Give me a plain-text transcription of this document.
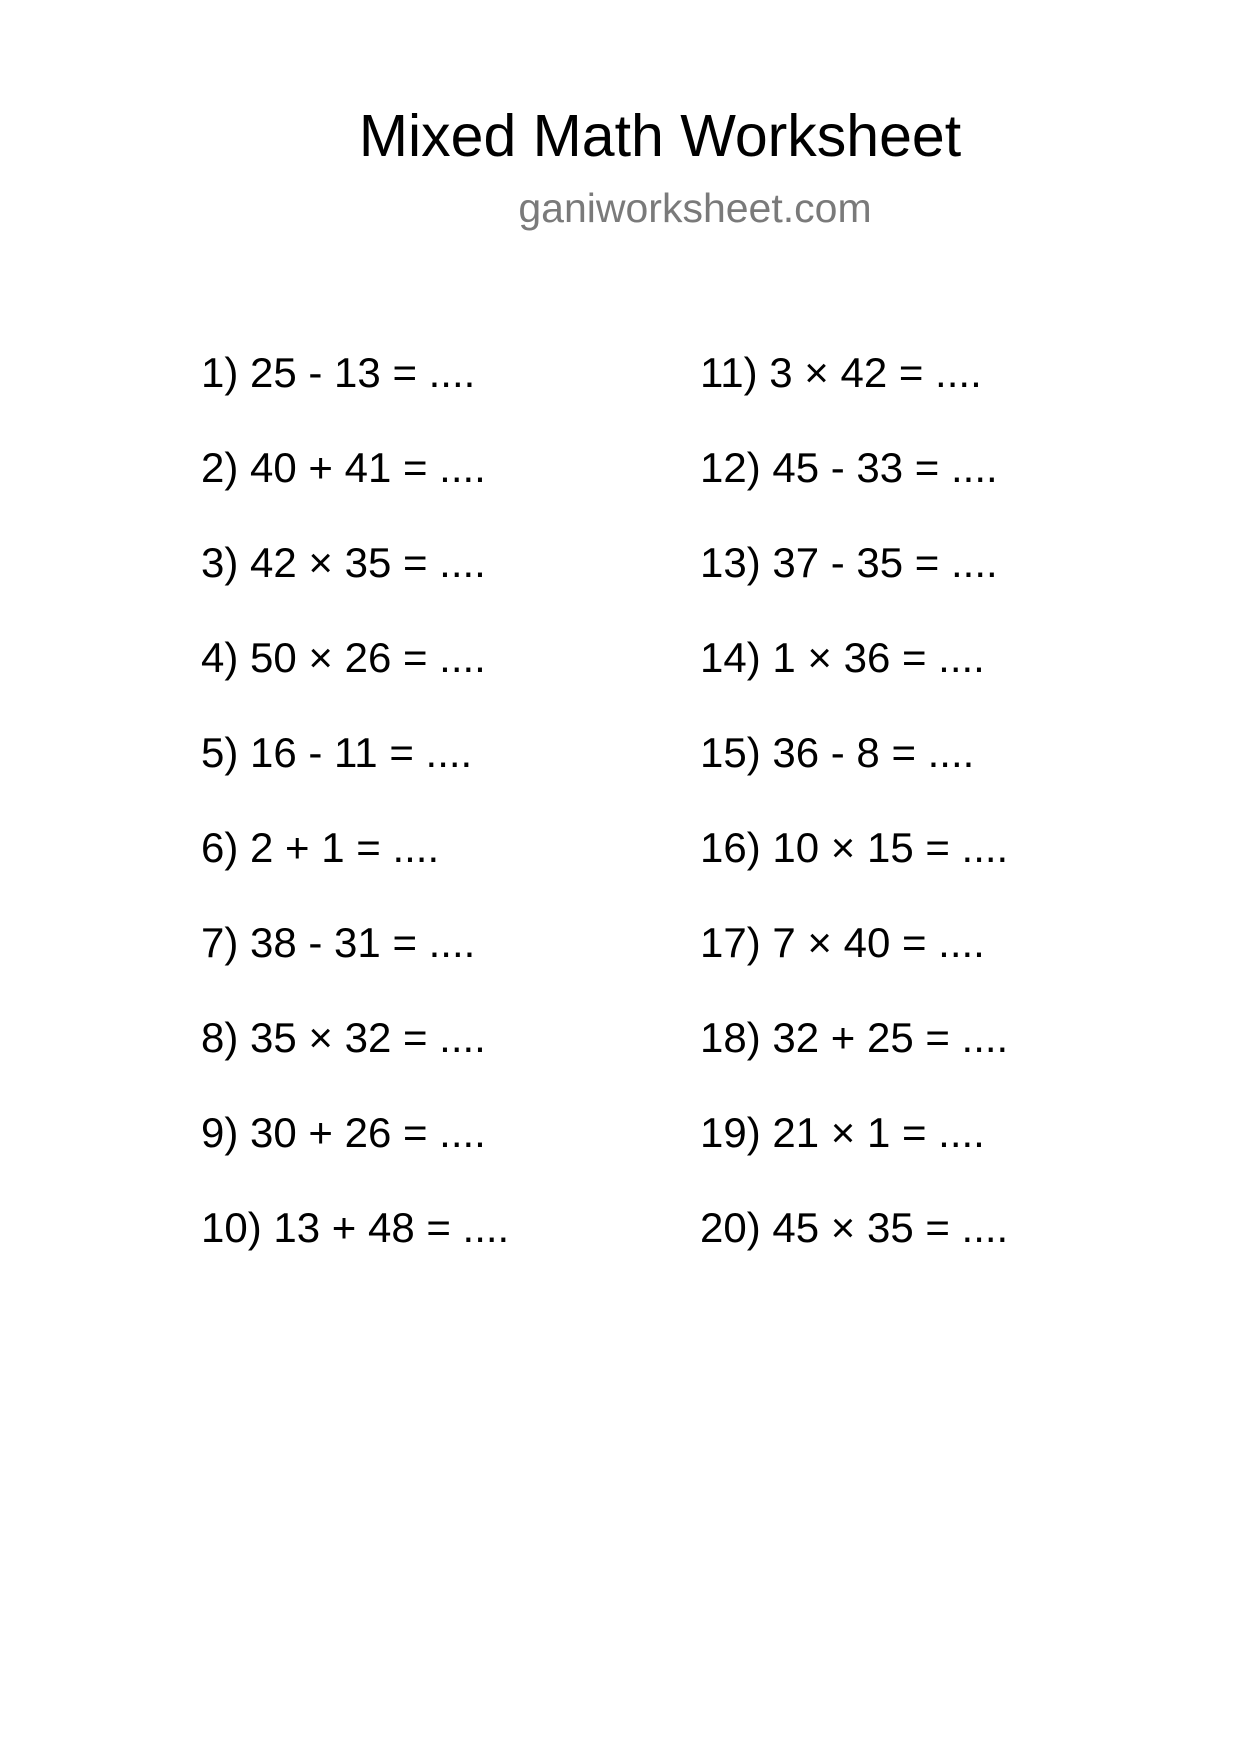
Mixed Math Worksheet
ganiworksheet.com
1) 25 - 13 = ....
2) 40 + 41 = ....
3) 42 × 35 = ....
4) 50 × 26 = ....
5) 16 - 11 = ....
6) 2 + 1 = ....
7) 38 - 31 = ....
8) 35 × 32 = ....
9) 30 + 26 = ....
10) 13 + 48 = ....
11) 3 × 42 = ....
12) 45 - 33 = ....
13) 37 - 35 = ....
14) 1 × 36 = ....
15) 36 - 8 = ....
16) 10 × 15 = ....
17) 7 × 40 = ....
18) 32 + 25 = ....
19) 21 × 1 = ....
20) 45 × 35 = ....
